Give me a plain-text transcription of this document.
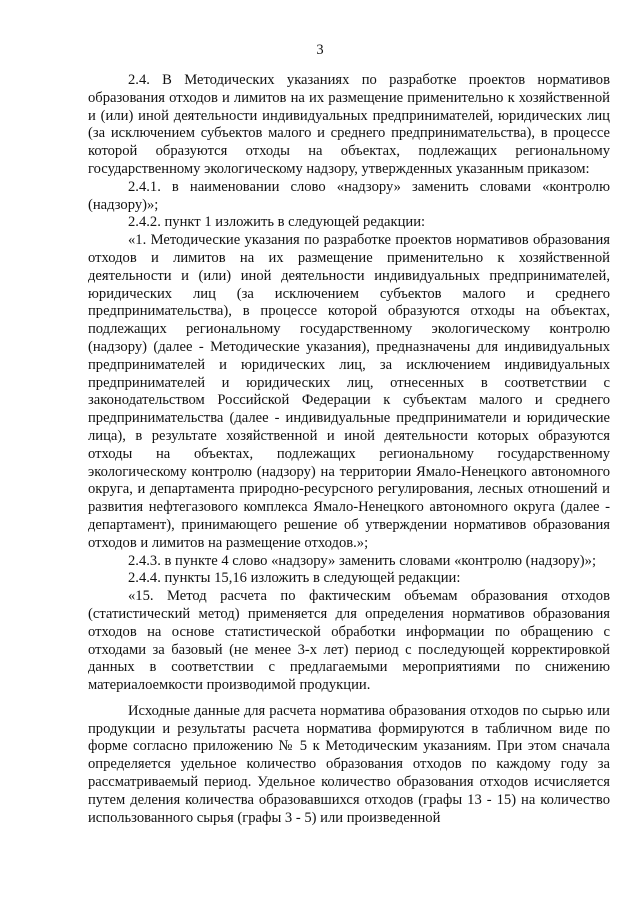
3

2.4. В Методических указаниях по разработке проектов нормативов образования отходов и лимитов на их размещение применительно к хозяйственной и (или) иной деятельности индивидуальных предпринимателей, юридических лиц (за исключением субъектов малого и среднего предпринимательства), в процессе которой образуются отходы на объектах, подлежащих региональному государственному экологическому надзору, утвержденных указанным приказом:

2.4.1. в наименовании слово «надзору» заменить словами «контролю (надзору)»;

2.4.2. пункт 1 изложить в следующей редакции:

«1. Методические указания по разработке проектов нормативов образования отходов и лимитов на их размещение применительно к хозяйственной деятельности и (или) иной деятельности индивидуальных предпринимателей, юридических лиц (за исключением субъектов малого и среднего предпринимательства), в процессе которой образуются отходы на объектах, подлежащих региональному государственному экологическому контролю (надзору) (далее - Методические указания), предназначены для индивидуальных предпринимателей и юридических лиц, за исключением индивидуальных предпринимателей и юридических лиц, отнесенных в соответствии с законодательством Российской Федерации к субъектам малого и среднего предпринимательства (далее - индивидуальные предприниматели и юридические лица), в результате хозяйственной и иной деятельности которых образуются отходы на объектах, подлежащих региональному государственному экологическому контролю (надзору) на территории Ямало-Ненецкого автономного округа, и департамента природно-ресурсного регулирования, лесных отношений и развития нефтегазового комплекса Ямало-Ненецкого автономного округа (далее - департамент), принимающего решение об утверждении нормативов образования отходов и лимитов на размещение отходов.»;

2.4.3. в пункте 4 слово «надзору» заменить словами «контролю (надзору)»;

2.4.4. пункты 15,16 изложить в следующей редакции:

«15. Метод расчета по фактическим объемам образования отходов (статистический метод) применяется для определения нормативов образования отходов на основе статистической обработки информации по обращению с отходами за базовый (не менее 3-х лет) период с последующей корректировкой данных в соответствии с предлагаемыми мероприятиями по снижению материалоемкости производимой продукции.

Исходные данные для расчета норматива образования отходов по сырью или продукции и результаты расчета норматива формируются в табличном виде по форме согласно приложению № 5 к Методическим указаниям. При этом сначала определяется удельное количество образования отходов по каждому году за рассматриваемый период. Удельное количество образования отходов исчисляется путем деления количества образовавшихся отходов (графы 13 - 15) на количество использованного сырья (графы 3 - 5) или произведенной
